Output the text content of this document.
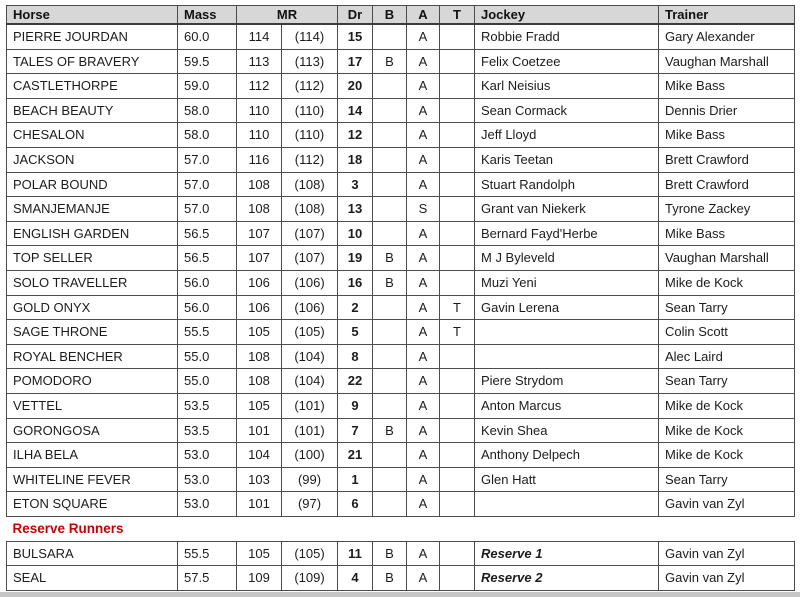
Horse	Mass	MR		Dr	B	A	T	Jockey	Trainer
PIERRE JOURDAN	60.0	114	(114)	15		A		Robbie Fradd	Gary Alexander
TALES OF BRAVERY	59.5	113	(113)	17	B	A		Felix Coetzee	Vaughan Marshall
CASTLETHORPE	59.0	112	(112)	20		A		Karl Neisius	Mike Bass
BEACH BEAUTY	58.0	110	(110)	14		A		Sean Cormack	Dennis Drier
CHESALON	58.0	110	(110)	12		A		Jeff Lloyd	Mike Bass
JACKSON	57.0	116	(112)	18		A		Karis Teetan	Brett Crawford
POLAR BOUND	57.0	108	(108)	3		A		Stuart Randolph	Brett Crawford
SMANJEMANJE	57.0	108	(108)	13		S		Grant van Niekerk	Tyrone Zackey
ENGLISH GARDEN	56.5	107	(107)	10		A		Bernard Fayd'Herbe	Mike Bass
TOP SELLER	56.5	107	(107)	19	B	A		M J Byleveld	Vaughan Marshall
SOLO TRAVELLER	56.0	106	(106)	16	B	A		Muzi Yeni	Mike de Kock
GOLD ONYX	56.0	106	(106)	2		A	T	Gavin Lerena	Sean Tarry
SAGE THRONE	55.5	105	(105)	5		A	T		Colin Scott
ROYAL BENCHER	55.0	108	(104)	8		A			Alec Laird
POMODORO	55.0	108	(104)	22		A		Piere Strydom	Sean Tarry
VETTEL	53.5	105	(101)	9		A		Anton Marcus	Mike de Kock
GORONGOSA	53.5	101	(101)	7	B	A		Kevin Shea	Mike de Kock
ILHA BELA	53.0	104	(100)	21		A		Anthony Delpech	Mike de Kock
WHITELINE FEVER	53.0	103	(99)	1		A		Glen Hatt	Sean Tarry
ETON SQUARE	53.0	101	(97)	6		A			Gavin van Zyl
Reserve Runners									
BULSARA	55.5	105	(105)	11	B	A		Reserve 1	Gavin van Zyl
SEAL	57.5	109	(109)	4	B	A		Reserve 2	Gavin van Zyl
